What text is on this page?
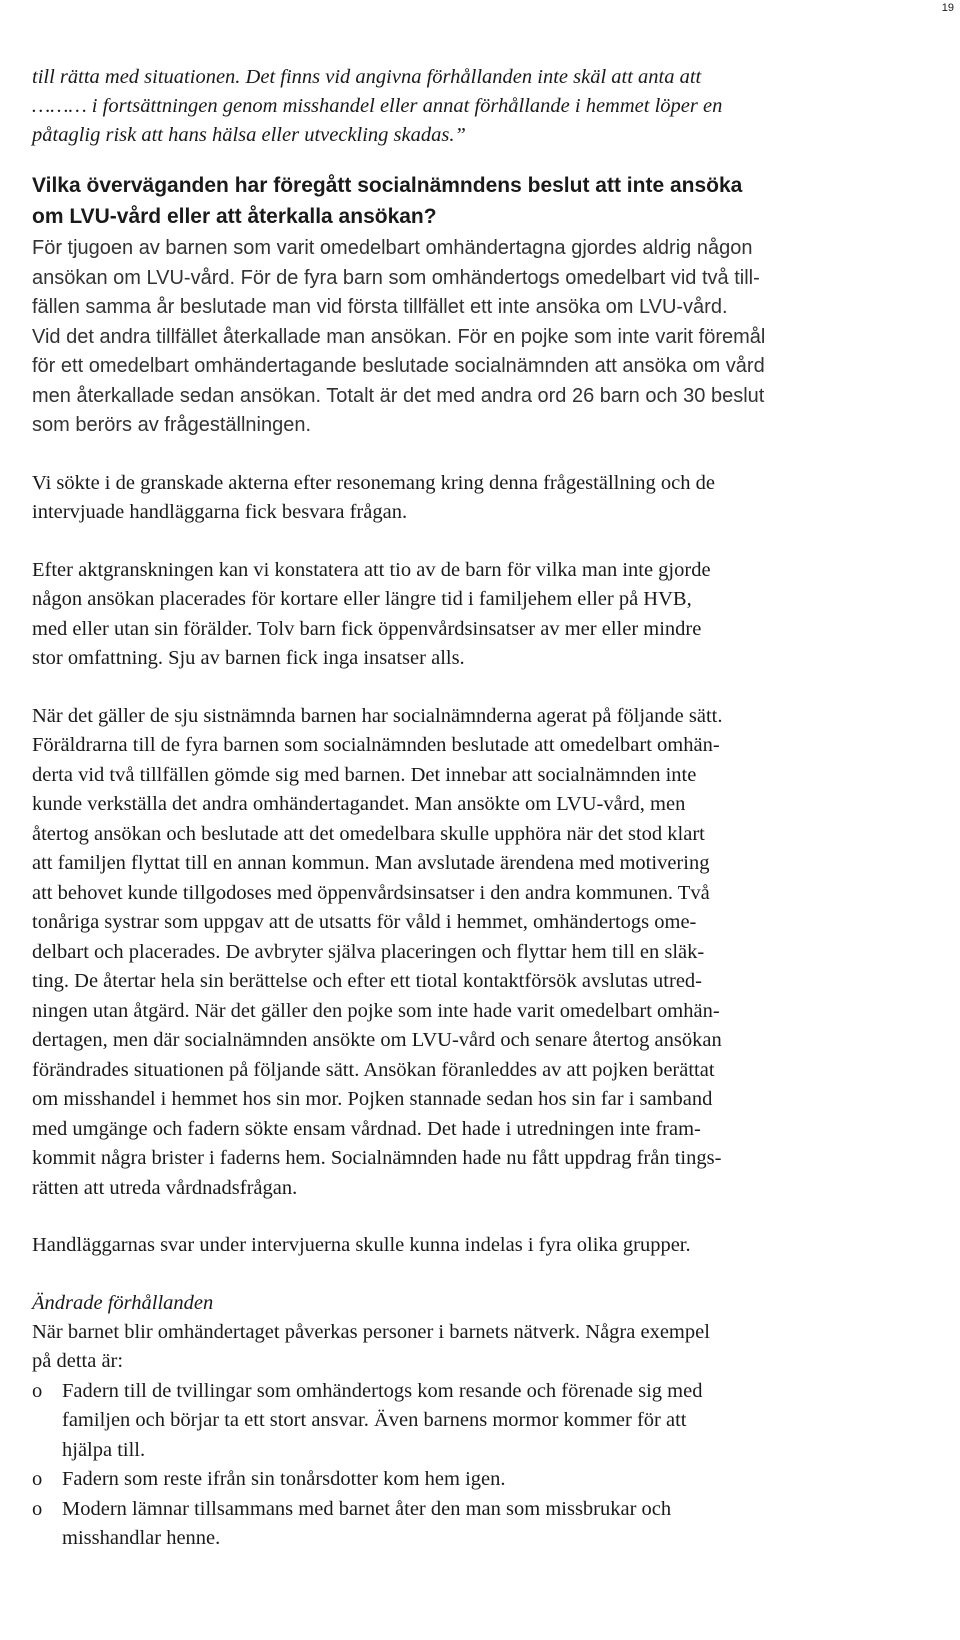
19

till rätta med situationen. Det finns vid angivna förhållanden inte skäl att anta att
……… i fortsättningen genom misshandel eller annat förhållande i hemmet löper en
påtaglig risk att hans hälsa eller utveckling skadas.”

Vilka överväganden har föregått socialnämndens beslut att inte ansöka
om LVU-vård eller att återkalla ansökan?

För tjugoen av barnen som varit omedelbart omhändertagna gjordes aldrig någon
ansökan om LVU-vård. För de fyra barn som omhändertogs omedelbart vid två till-
fällen samma år beslutade man vid första tillfället ett inte ansöka om LVU-vård.
Vid det andra tillfället återkallade man ansökan. För en pojke som inte varit föremål
för ett omedelbart omhändertagande beslutade socialnämnden att ansöka om vård
men återkallade sedan ansökan. Totalt är det med andra ord 26 barn och 30 beslut
som berörs av frågeställningen.

Vi sökte i de granskade akterna efter resonemang kring denna frågeställning och de
intervjuade handläggarna fick besvara frågan.

Efter aktgranskningen kan vi konstatera att tio av de barn för vilka man inte gjorde
någon ansökan placerades för kortare eller längre tid i familjehem eller på HVB,
med eller utan sin förälder. Tolv barn fick öppenvårdsinsatser av mer eller mindre
stor omfattning. Sju av barnen fick inga insatser alls.

När det gäller de sju sistnämnda barnen har socialnämnderna agerat på följande sätt.
Föräldrarna till de fyra barnen som socialnämnden beslutade att omedelbart omhän-
derta vid två tillfällen gömde sig med barnen. Det innebar att socialnämnden inte
kunde verkställa det andra omhändertagandet. Man ansökte om LVU-vård, men
återtog ansökan och beslutade att det omedelbara skulle upphöra när det stod klart
att familjen flyttat till en annan kommun. Man avslutade ärendena med motivering
att behovet kunde tillgodoses med öppenvårdsinsatser i den andra kommunen. Två
tonåriga systrar som uppgav att de utsatts för våld i hemmet, omhändertogs ome-
delbart och placerades. De avbryter själva placeringen och flyttar hem till en släk-
ting. De återtar hela sin berättelse och efter ett tiotal kontaktförsök avslutas utred-
ningen utan åtgärd. När det gäller den pojke som inte hade varit omedelbart omhän-
dertagen, men där socialnämnden ansökte om LVU-vård och senare återtog ansökan
förändrades situationen på följande sätt. Ansökan föranleddes av att pojken berättat
om misshandel i hemmet hos sin mor. Pojken stannade sedan hos sin far i samband
med umgänge och fadern sökte ensam vårdnad. Det hade i utredningen inte fram-
kommit några brister i faderns hem. Socialnämnden hade nu fått uppdrag från tings-
rätten att utreda vårdnadsfrågan.

Handläggarnas svar under intervjuerna skulle kunna indelas i fyra olika grupper.

Ändrade förhållanden

När barnet blir omhändertaget påverkas personer i barnets nätverk. Några exempel
på detta är:

o Fadern till de tvillingar som omhändertogs kom resande och förenade sig med
familjen och börjar ta ett stort ansvar. Även barnens mormor kommer för att
hjälpa till.
o Fadern som reste ifrån sin tonårsdotter kom hem igen.
o Modern lämnar tillsammans med barnet åter den man som missbrukar och
misshandlar henne.
